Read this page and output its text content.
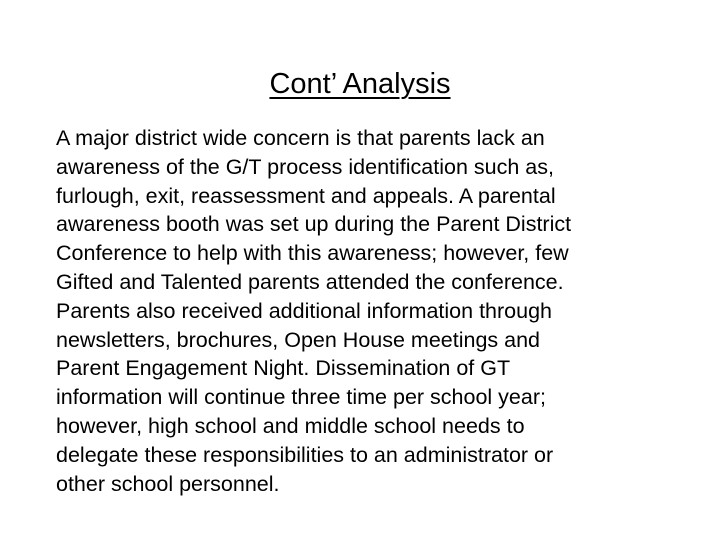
Cont’ Analysis

A major district wide concern is that parents lack an
awareness of the G/T process identification such as,
furlough, exit, reassessment and appeals. A parental
awareness booth was set up during the Parent District
Conference to help with this awareness; however, few
Gifted and Talented parents attended the conference.
Parents also received additional information through
newsletters, brochures, Open House meetings and
Parent Engagement Night. Dissemination of GT
information will continue three time per school year;
however, high school and middle school needs to
delegate these responsibilities to an administrator or
other school personnel.
